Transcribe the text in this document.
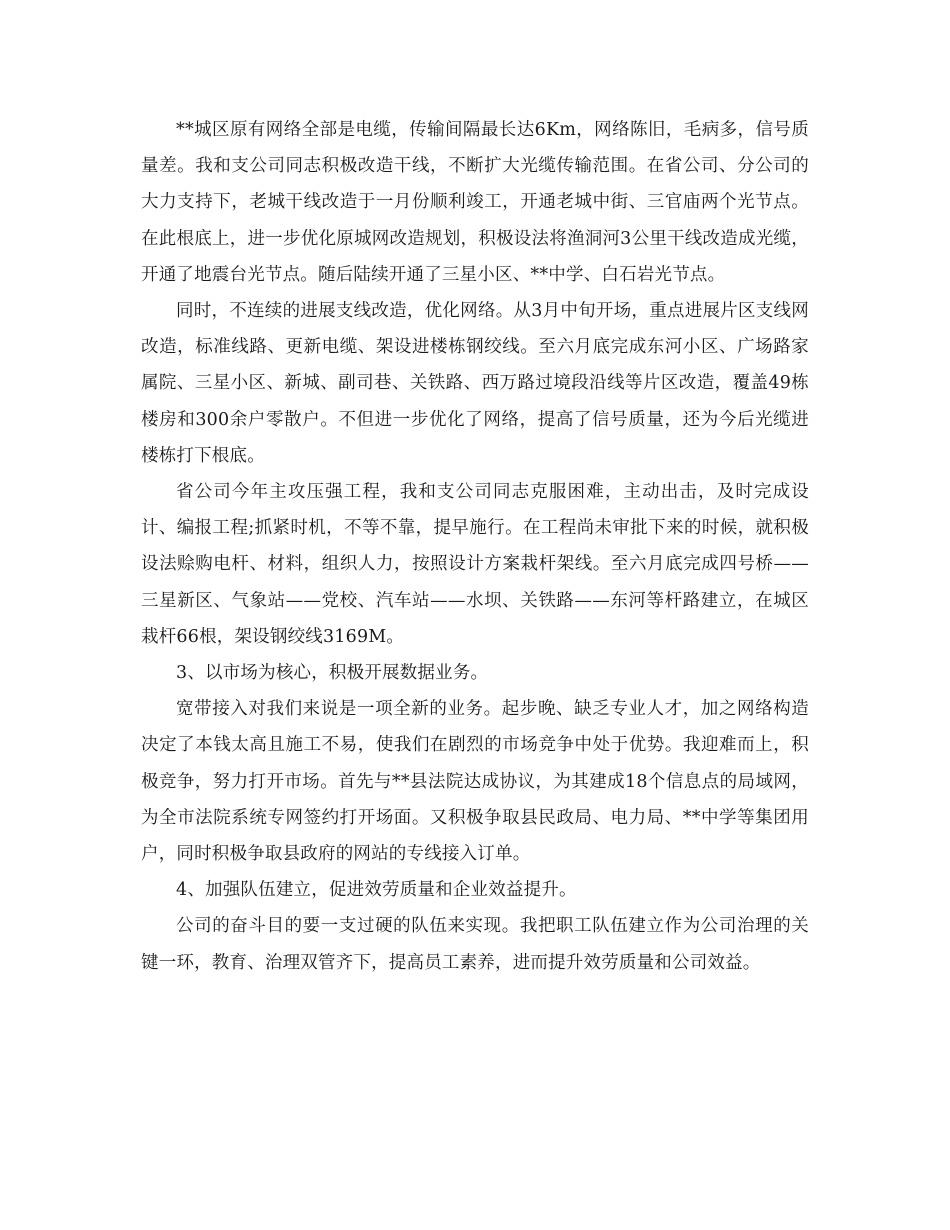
**城区原有网络全部是电缆，传输间隔最长达6Km，网络陈旧，毛病多，信号质量差。我和支公司同志积极改造干线，不断扩大光缆传输范围。在省公司、分公司的大力支持下，老城干线改造于一月份顺利竣工，开通老城中街、三官庙两个光节点。在此根底上，进一步优化原城网改造规划，积极设法将渔洞河3公里干线改造成光缆，开通了地震台光节点。随后陆续开通了三星小区、**中学、白石岩光节点。

同时，不连续的进展支线改造，优化网络。从3月中旬开场，重点进展片区支线网改造，标准线路、更新电缆、架设进楼栋钢绞线。至六月底完成东河小区、广场路家属院、三星小区、新城、副司巷、关铁路、西万路过境段沿线等片区改造，覆盖49栋楼房和300余户零散户。不但进一步优化了网络，提高了信号质量，还为今后光缆进楼栋打下根底。

省公司今年主攻压强工程，我和支公司同志克服困难，主动出击，及时完成设计、编报工程;抓紧时机，不等不靠，提早施行。在工程尚未审批下来的时候，就积极设法赊购电杆、材料，组织人力，按照设计方案栽杆架线。至六月底完成四号桥——三星新区、气象站——党校、汽车站——水坝、关铁路——东河等杆路建立，在城区栽杆66根，架设钢绞线3169M。

3、以市场为核心，积极开展数据业务。

宽带接入对我们来说是一项全新的业务。起步晚、缺乏专业人才，加之网络构造决定了本钱太高且施工不易，使我们在剧烈的市场竞争中处于优势。我迎难而上，积极竞争，努力打开市场。首先与**县法院达成协议，为其建成18个信息点的局域网，为全市法院系统专网签约打开场面。又积极争取县民政局、电力局、**中学等集团用户，同时积极争取县政府的网站的专线接入订单。

4、加强队伍建立，促进效劳质量和企业效益提升。

公司的奋斗目的要一支过硬的队伍来实现。我把职工队伍建立作为公司治理的关键一环，教育、治理双管齐下，提高员工素养，进而提升效劳质量和公司效益。
